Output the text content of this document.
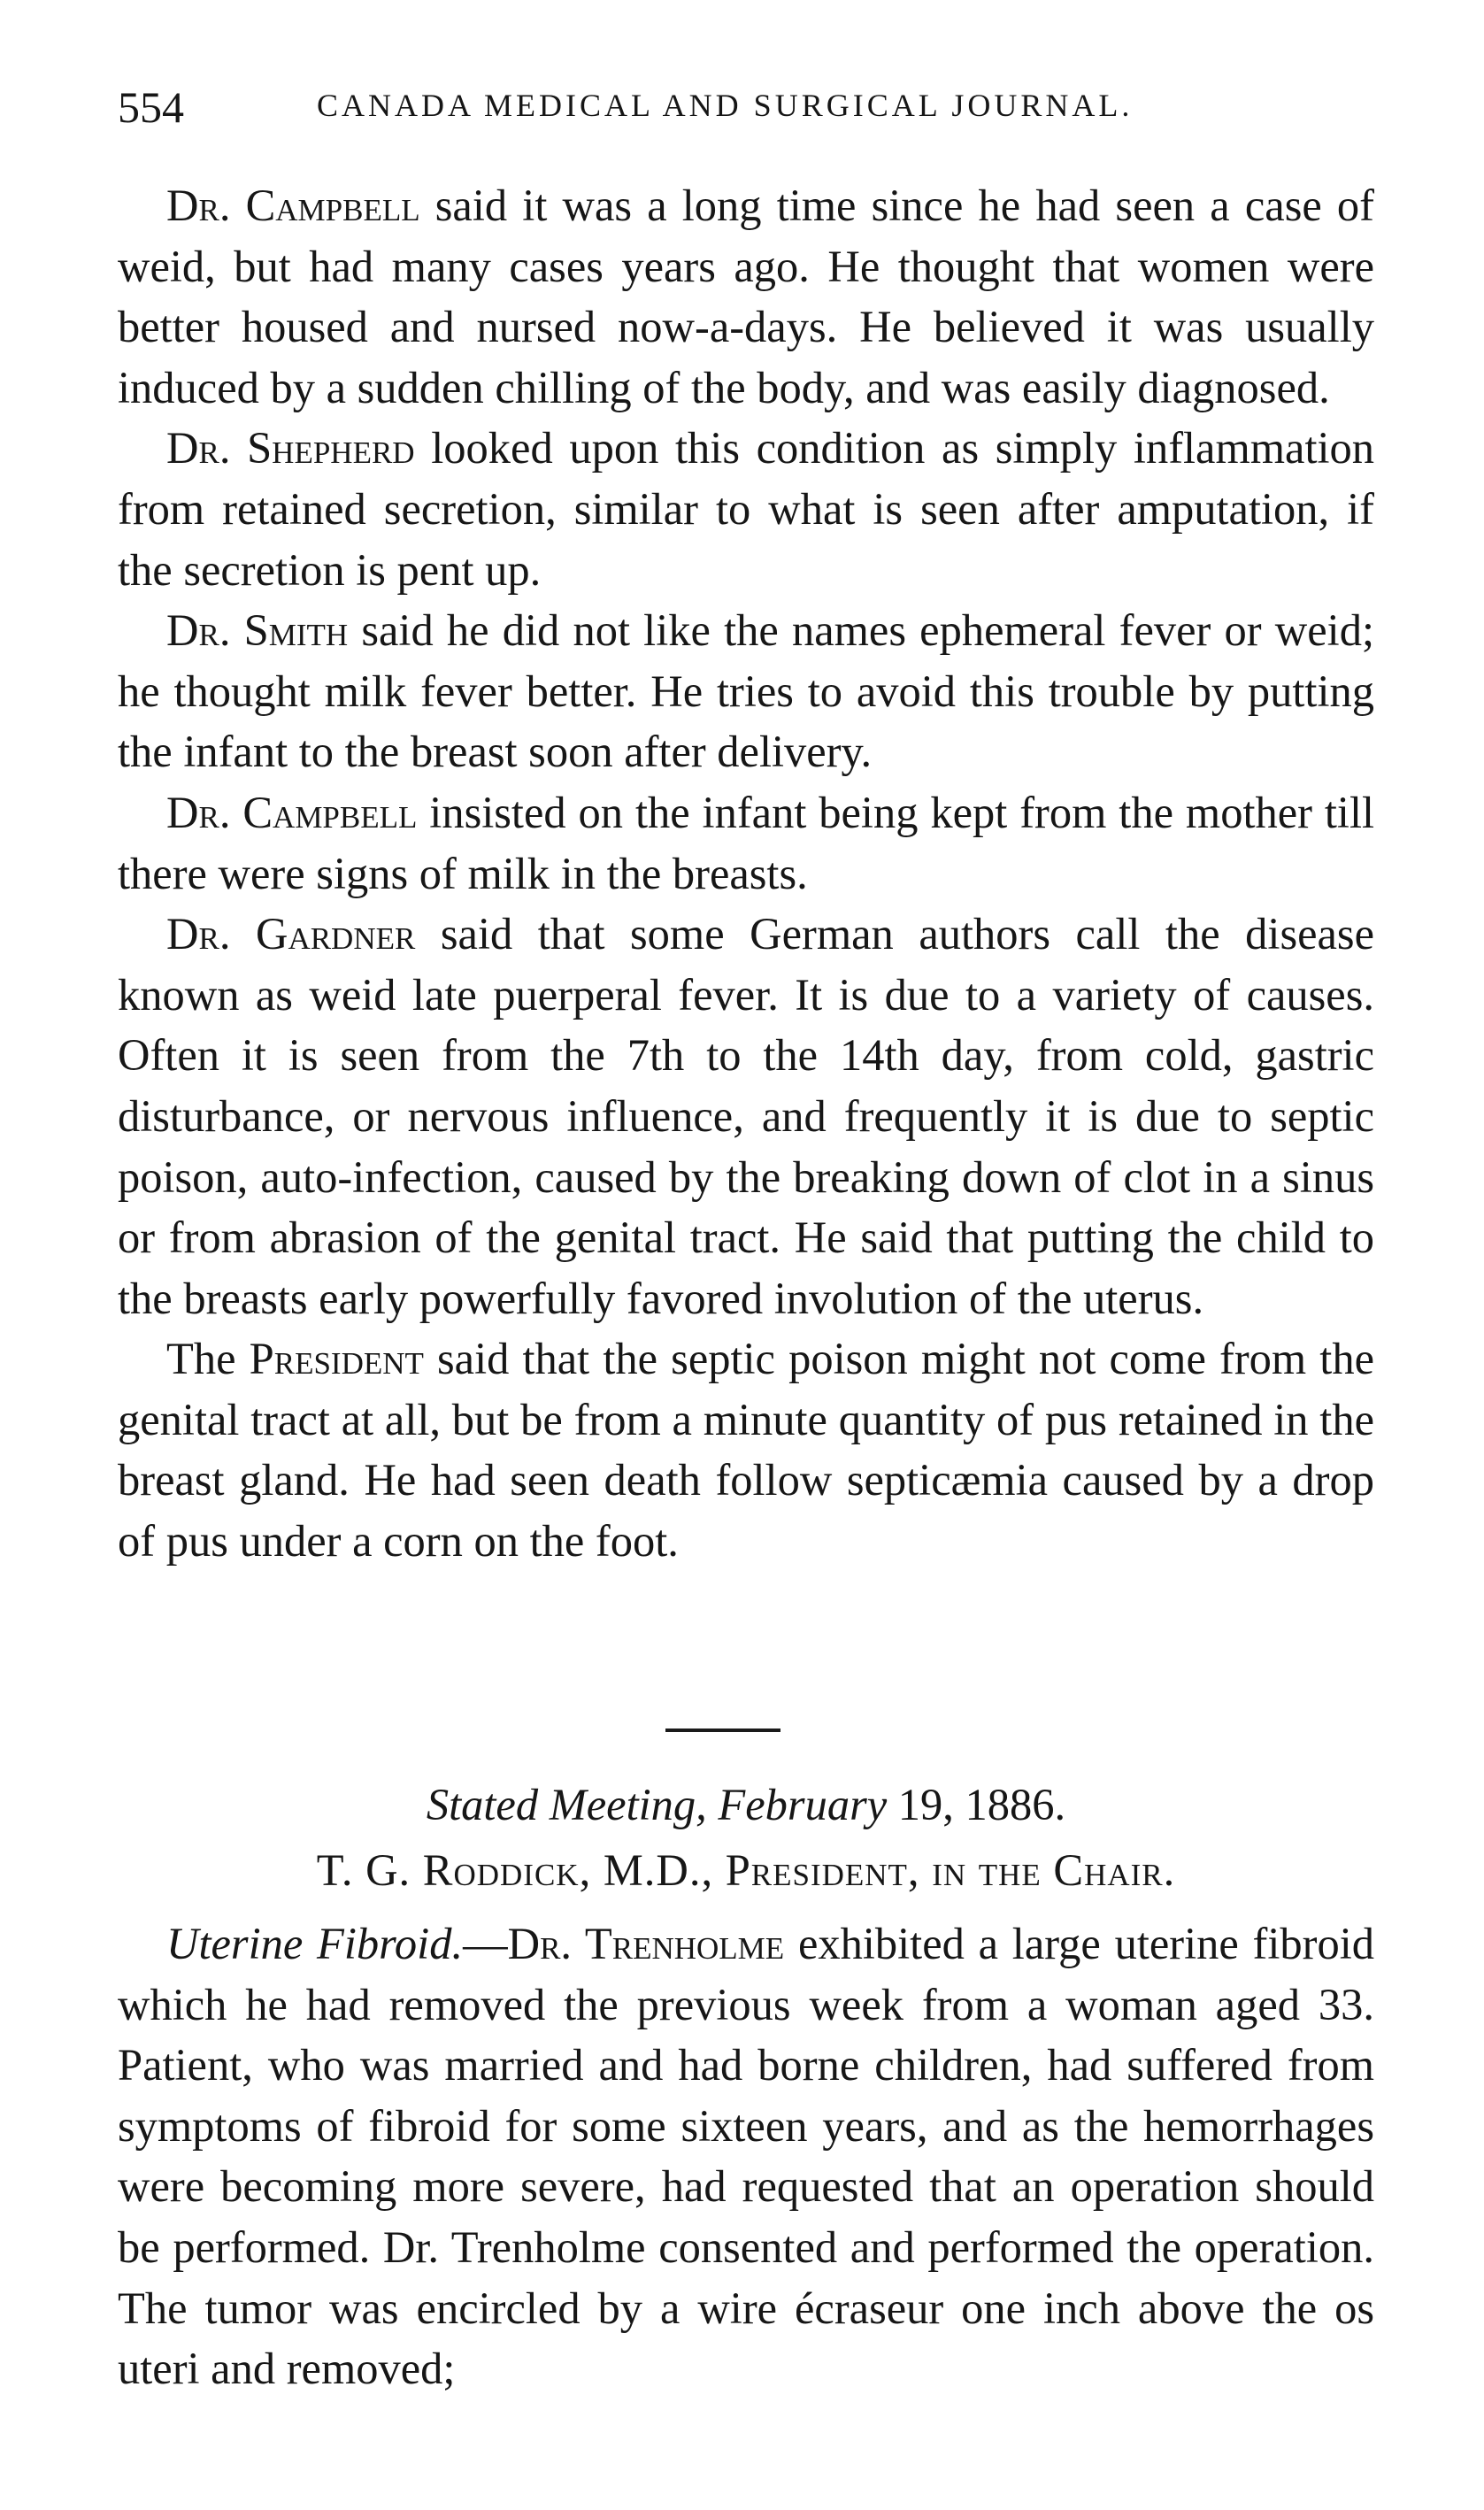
554	CANADA MEDICAL AND SURGICAL JOURNAL.

Dr. Campbell said it was a long time since he had seen a case of weid, but had many cases years ago. He thought that women were better housed and nursed now-a-days. He believed it was usually induced by a sudden chilling of the body, and was easily diagnosed.

Dr. Shepherd looked upon this condition as simply inflammation from retained secretion, similar to what is seen after amputation, if the secretion is pent up.

Dr. Smith said he did not like the names ephemeral fever or weid; he thought milk fever better. He tries to avoid this trouble by putting the infant to the breast soon after delivery.

Dr. Campbell insisted on the infant being kept from the mother till there were signs of milk in the breasts.

Dr. Gardner said that some German authors call the disease known as weid late puerperal fever. It is due to a variety of causes. Often it is seen from the 7th to the 14th day, from cold, gastric disturbance, or nervous influence, and frequently it is due to septic poison, auto-infection, caused by the breaking down of clot in a sinus or from abrasion of the genital tract. He said that putting the child to the breasts early powerfully favored involution of the uterus.

The President said that the septic poison might not come from the genital tract at all, but be from a minute quantity of pus retained in the breast gland. He had seen death follow septicæmia caused by a drop of pus under a corn on the foot.

Stated Meeting, February 19, 1886.
T. G. Roddick, M.D., President, in the Chair.

Uterine Fibroid.—Dr. Trenholme exhibited a large uterine fibroid which he had removed the previous week from a woman aged 33. Patient, who was married and had borne children, had suffered from symptoms of fibroid for some sixteen years, and as the hemorrhages were becoming more severe, had requested that an operation should be performed. Dr. Trenholme consented and performed the operation. The tumor was encircled by a wire écraseur one inch above the os uteri and removed;
